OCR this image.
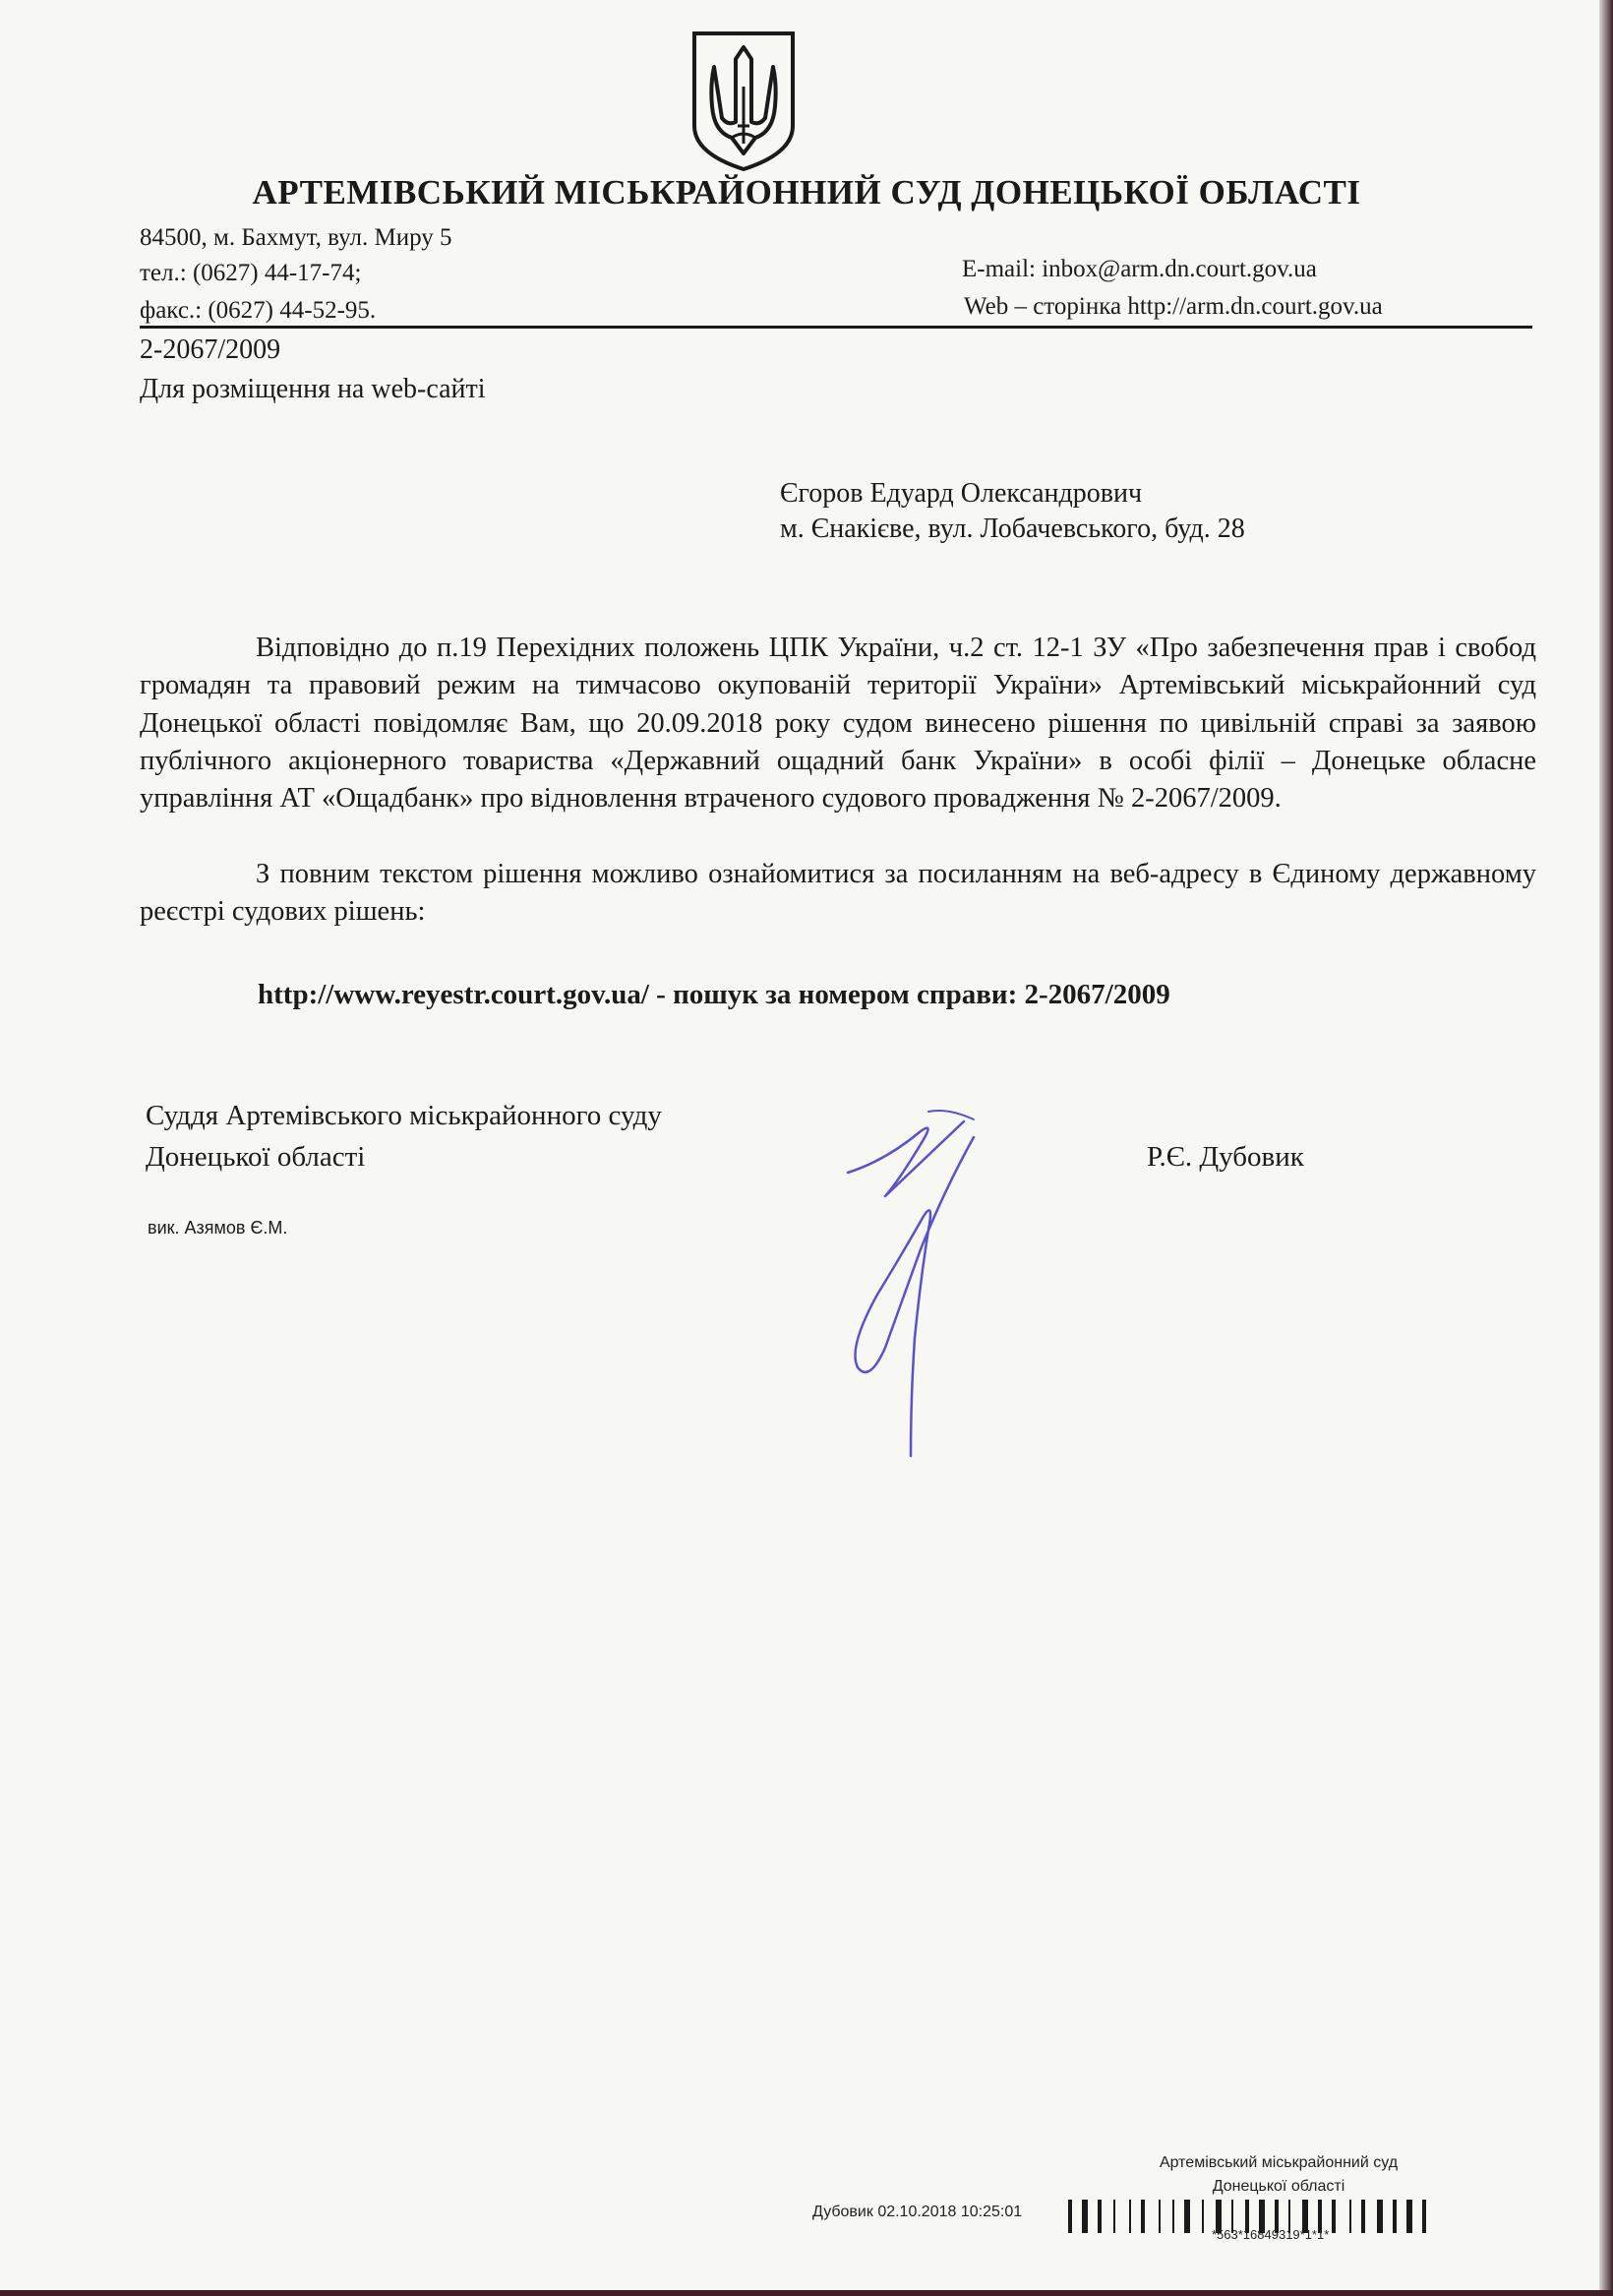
АРТЕМІВСЬКИЙ МІСЬКРАЙОННИЙ СУД ДОНЕЦЬКОЇ ОБЛАСТІ
84500, м. Бахмут, вул. Миру 5
тел.: (0627) 44-17-74;
факс.: (0627) 44-52-95.
E-mail: inbox@arm.dn.court.gov.ua
Web – сторінка http://arm.dn.court.gov.ua
2-2067/2009
Для розміщення на web-сайті
Єгоров Едуард Олександрович
м. Єнакієве, вул. Лобачевського, буд. 28
Відповідно до п.19 Перехідних положень ЦПК України, ч.2 ст. 12-1 ЗУ «Про забезпечення прав і свобод громадян та правовий режим на тимчасово окупованій території України» Артемівський міськрайонний суд Донецької області повідомляє Вам, що 20.09.2018 року судом винесено рішення по цивільній справі за заявою публічного акціонерного товариства «Державний ощадний банк України» в особі філії – Донецьке обласне управління АТ «Ощадбанк» про відновлення втраченого судового провадження № 2-2067/2009.
З повним текстом рішення можливо ознайомитися за посиланням на веб-адресу в Єдиному державному реєстрі судових рішень:
http://www.reyestr.court.gov.ua/ - пошук за номером справи: 2-2067/2009
Суддя Артемівського міськрайонного суду
Донецької області	Р.Є. Дубовик
вик. Азямов Є.М.
Артемівський міськрайонний суд
Донецької області
Дубовик 02.10.2018 10:25:01
*563*16849319*1*1*
